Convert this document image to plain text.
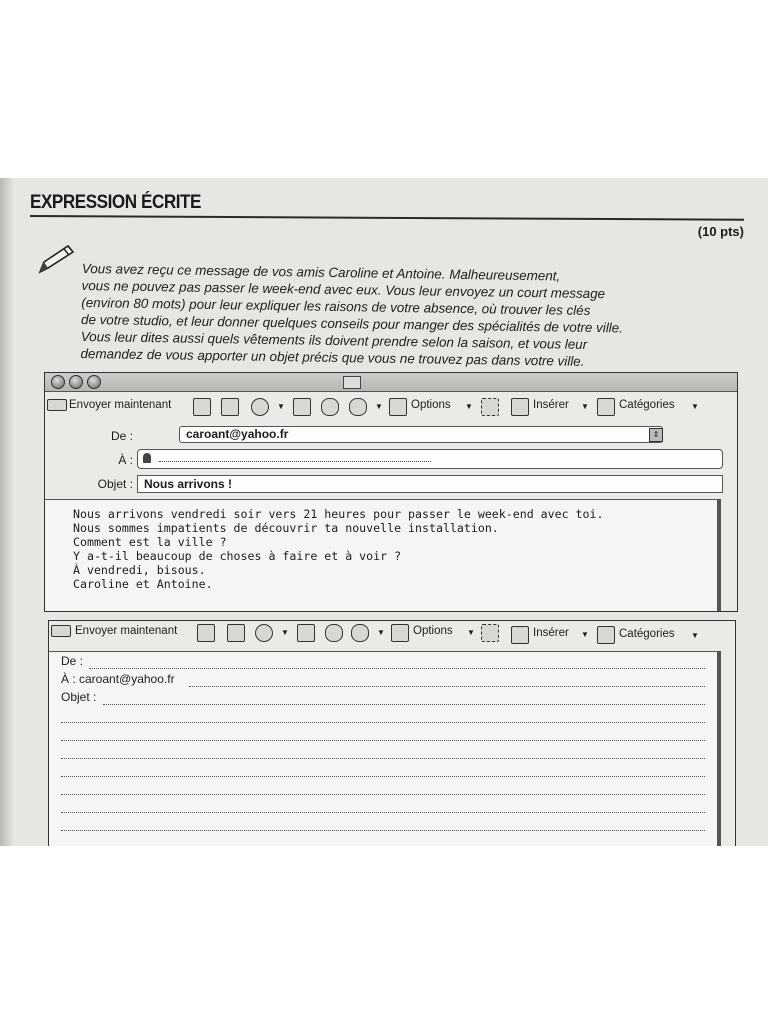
EXPRESSION ÉCRITE
(10 pts)
Vous avez reçu ce message de vos amis Caroline et Antoine. Malheureusement,
vous ne pouvez pas passer le week-end avec eux. Vous leur envoyez un court message
(environ 80 mots) pour leur expliquer les raisons de votre absence, où trouver les clés
de votre studio, et leur donner quelques conseils pour manger des spécialités de votre ville.
Vous leur dites aussi quels vêtements ils doivent prendre selon la saison, et vous leur
demandez de vous apporter un objet précis que vous ne trouvez pas dans votre ville.
Envoyer maintenant	▼	▼ Options ▼	Insérer ▼	Catégories ▼
De :	caroant@yahoo.fr	⇕
À :
Objet : Nous arrivons !
Nous arrivons vendredi soir vers 21 heures pour passer le week-end avec toi.
Nous sommes impatients de découvrir ta nouvelle installation.
Comment est la ville ?
Y a-t-il beaucoup de choses à faire et à voir ?
À vendredi, bisous.
Caroline et Antoine.
Envoyer maintenant	▼	▼ Options ▼	Insérer ▼	Catégories ▼
De :
À : caroant@yahoo.fr
Objet :
